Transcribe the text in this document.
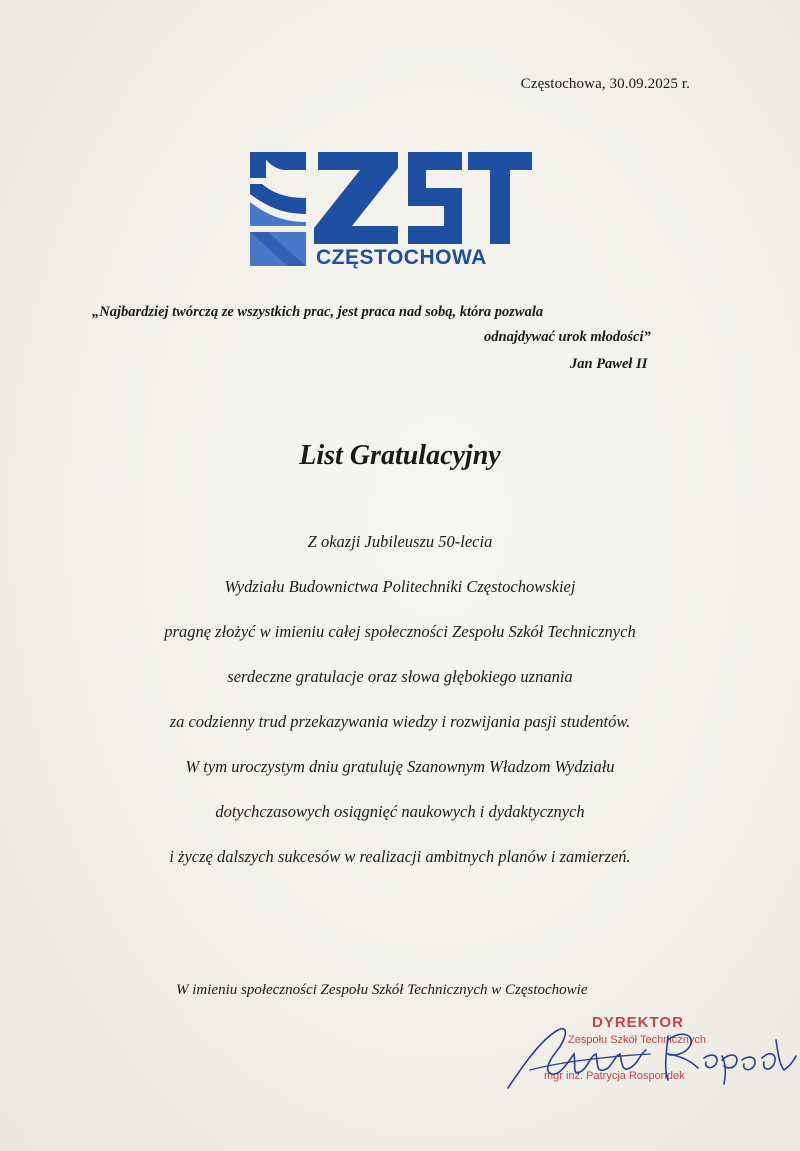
Częstochowa, 30.09.2025 r.
CZĘSTOCHOWA
„Najbardziej twórczą ze wszystkich prac, jest praca nad sobą, która pozwala
odnajdywać urok młodości”
Jan Paweł II
List Gratulacyjny
Z okazji Jubileuszu 50-lecia
Wydziału Budownictwa Politechniki Częstochowskiej
pragnę złożyć w imieniu całej społeczności Zespołu Szkół Technicznych
serdeczne gratulacje oraz słowa głębokiego uznania
za codzienny trud przekazywania wiedzy i rozwijania pasji studentów.
W tym uroczystym dniu gratuluję Szanownym Władzom Wydziału
dotychczasowych osiągnięć naukowych i dydaktycznych
i życzę dalszych sukcesów w realizacji ambitnych planów i zamierzeń.
W imieniu społeczności Zespołu Szkół Technicznych w Częstochowie
DYREKTOR
Zespołu Szkół Technicznych
mgr inż. Patrycja Rospondek
